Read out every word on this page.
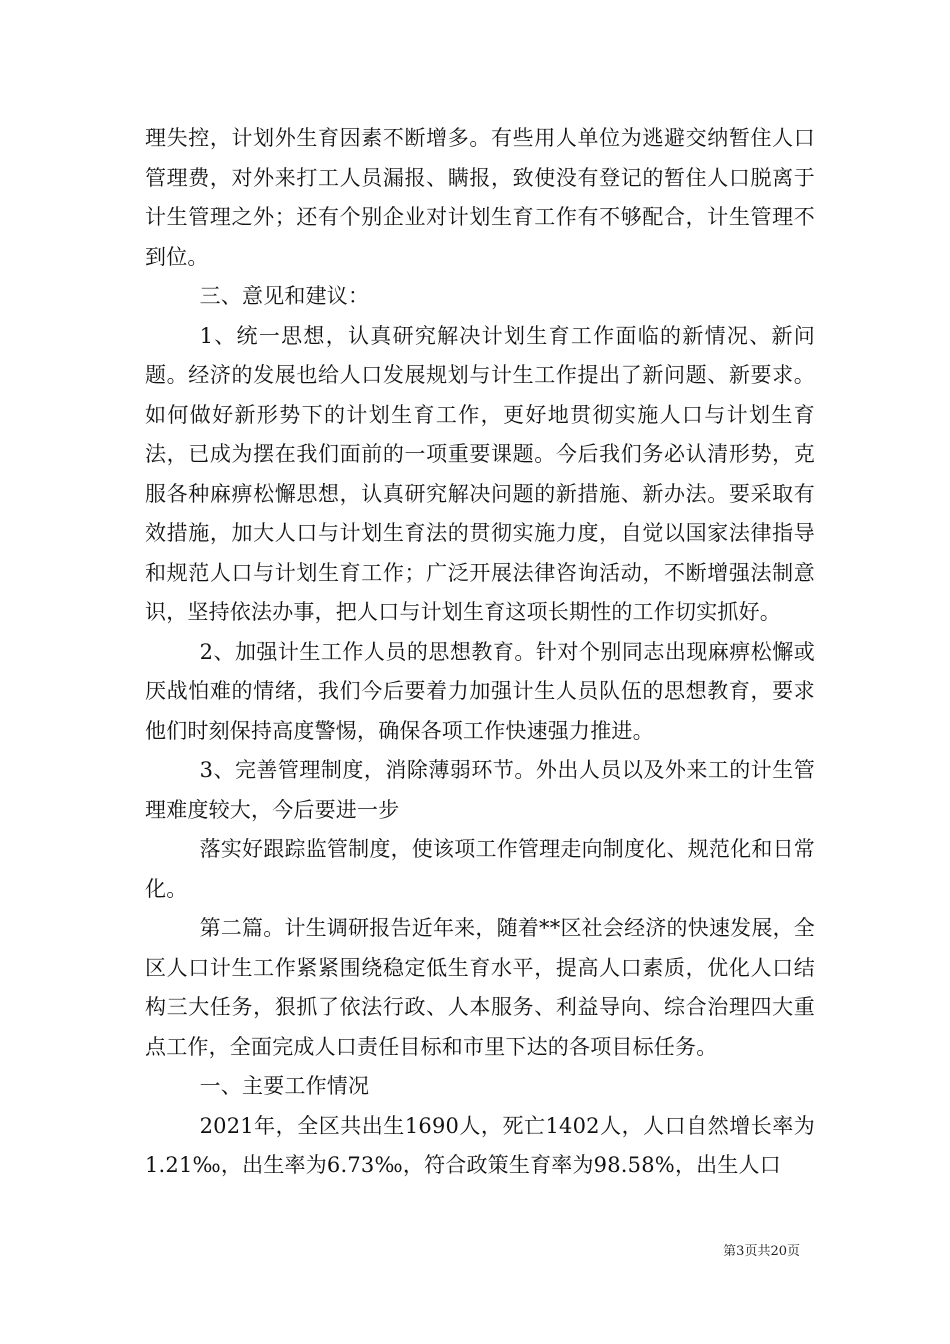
理失控，计划外生育因素不断增多。有些用人单位为逃避交纳暂住人口管理费，对外来打工人员漏报、瞒报，致使没有登记的暂住人口脱离于计生管理之外；还有个别企业对计划生育工作有不够配合，计生管理不到位。

三、意见和建议：

1、统一思想，认真研究解决计划生育工作面临的新情况、新问题。经济的发展也给人口发展规划与计生工作提出了新问题、新要求。如何做好新形势下的计划生育工作，更好地贯彻实施人口与计划生育法，已成为摆在我们面前的一项重要课题。今后我们务必认清形势，克服各种麻痹松懈思想，认真研究解决问题的新措施、新办法。要采取有效措施，加大人口与计划生育法的贯彻实施力度，自觉以国家法律指导和规范人口与计划生育工作；广泛开展法律咨询活动，不断增强法制意识，坚持依法办事，把人口与计划生育这项长期性的工作切实抓好。

2、加强计生工作人员的思想教育。针对个别同志出现麻痹松懈或厌战怕难的情绪，我们今后要着力加强计生人员队伍的思想教育，要求他们时刻保持高度警惕，确保各项工作快速强力推进。

3、完善管理制度，消除薄弱环节。外出人员以及外来工的计生管理难度较大，今后要进一步

落实好跟踪监管制度，使该项工作管理走向制度化、规范化和日常化。

第二篇。计生调研报告近年来，随着**区社会经济的快速发展，全区人口计生工作紧紧围绕稳定低生育水平，提高人口素质，优化人口结构三大任务，狠抓了依法行政、人本服务、利益导向、综合治理四大重点工作，全面完成人口责任目标和市里下达的各项目标任务。

一、主要工作情况

2021年，全区共出生1690人，死亡1402人，人口自然增长率为1.21‰，出生率为6.73‰，符合政策生育率为98.58%，出生人口

第3页共20页
